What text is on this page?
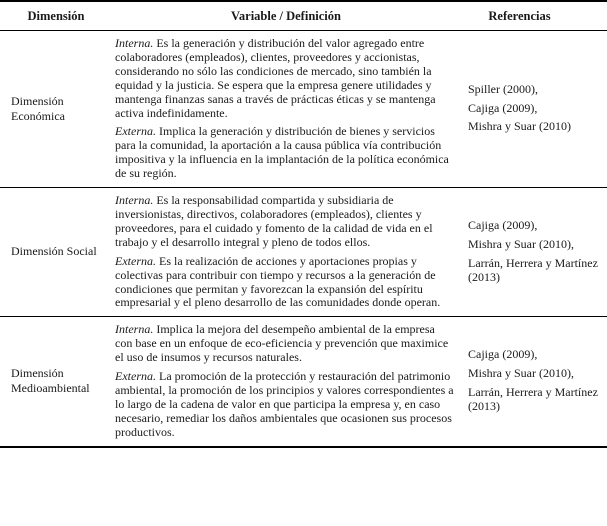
Dimensión	Variable / Definición	Referencias
Dimensión Económica

Interna. Es la generación y distribución del valor agregado entre colaboradores (empleados), clientes, proveedores y accionistas, considerando no sólo las condiciones de mercado, sino también la equidad y la justicia. Se espera que la empresa genere utilidades y mantenga finanzas sanas a través de prácticas éticas y se mantenga activa indefinidamente.

Externa. Implica la generación y distribución de bienes y servicios para la comunidad, la aportación a la causa pública vía contribución impositiva y la influencia en la implantación de la política económica de su región.

Spiller (2000),
Cajiga (2009),
Mishra y Suar (2010)
Dimensión Social

Interna. Es la responsabilidad compartida y subsidiaria de inversionistas, directivos, colaboradores (empleados), clientes y proveedores, para el cuidado y fomento de la calidad de vida en el trabajo y el desarrollo integral y pleno de todos ellos.

Externa. Es la realización de acciones y aportaciones propias y colectivas para contribuir con tiempo y recursos a la generación de condiciones que permitan y favorezcan la expansión del espíritu empresarial y el pleno desarrollo de las comunidades donde operan.

Cajiga (2009),
Mishra y Suar (2010),
Larrán, Herrera y Martínez (2013)
Dimensión Medioambiental

Interna. Implica la mejora del desempeño ambiental de la empresa con base en un enfoque de eco-eficiencia y prevención que maximice el uso de insumos y recursos naturales.

Externa. La promoción de la protección y restauración del patrimonio ambiental, la promoción de los principios y valores correspondientes a lo largo de la cadena de valor en que participa la empresa y, en caso necesario, remediar los daños ambientales que ocasionen sus procesos productivos.

Cajiga (2009),
Mishra y Suar (2010),
Larrán, Herrera y Martínez (2013)
